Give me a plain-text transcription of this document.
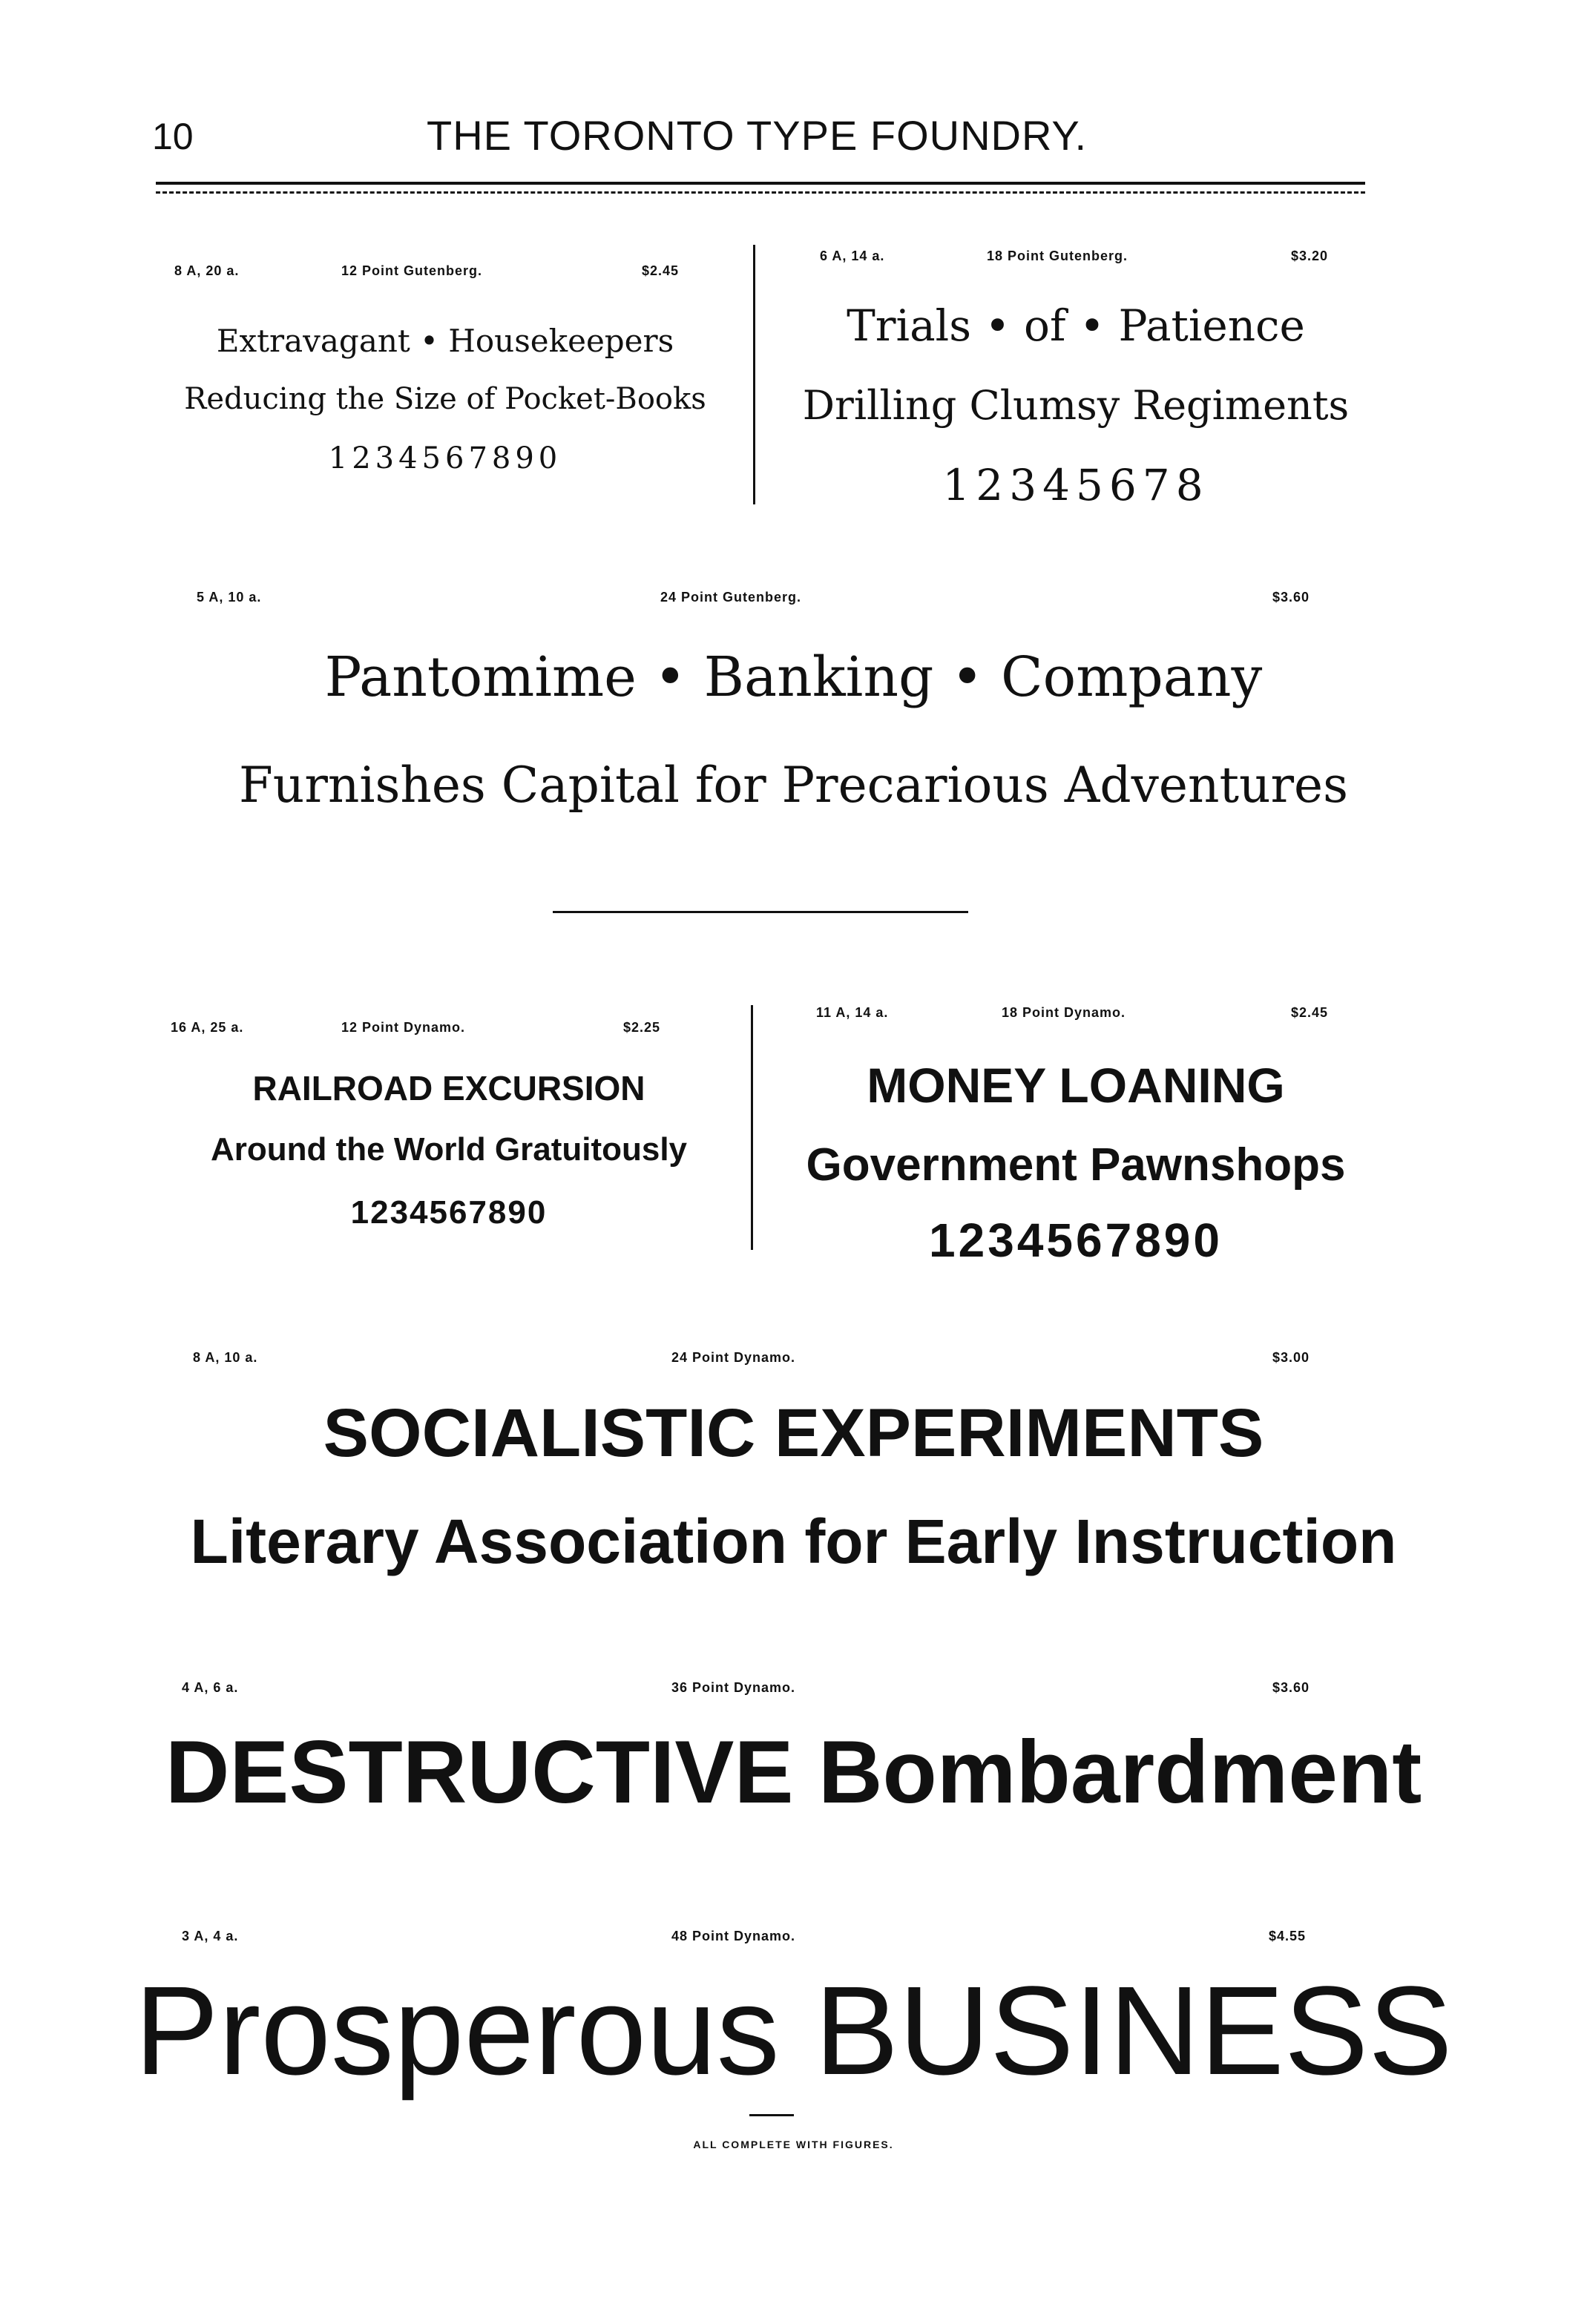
10	THE TORONTO TYPE FOUNDRY.
8 A, 20 a.	12 Point Gutenberg.	$2.45
Extravagant • Housekeepers
Reducing the Size of Pocket-Books
1234567890
6 A, 14 a.	18 Point Gutenberg.	$3.20
Trials • of • Patience
Drilling Clumsy Regiments
12345678
5 A, 10 a.	24 Point Gutenberg.	$3.60
Pantomime • Banking • Company
Furnishes Capital for Precarious Adventures
16 A, 25 a.	12 Point Dynamo.	$2.25
RAILROAD EXCURSION
Around the World Gratuitously
1234567890
11 A, 14 a.	18 Point Dynamo.	$2.45
MONEY LOANING
Government Pawnshops
1234567890
8 A, 10 a.	24 Point Dynamo.	$3.00
SOCIALISTIC EXPERIMENTS
Literary Association for Early Instruction
4 A, 6 a.	36 Point Dynamo.	$3.60
DESTRUCTIVE Bombardment
3 A, 4 a.	48 Point Dynamo.	$4.55
Prosperous BUSINESS
ALL COMPLETE WITH FIGURES.
